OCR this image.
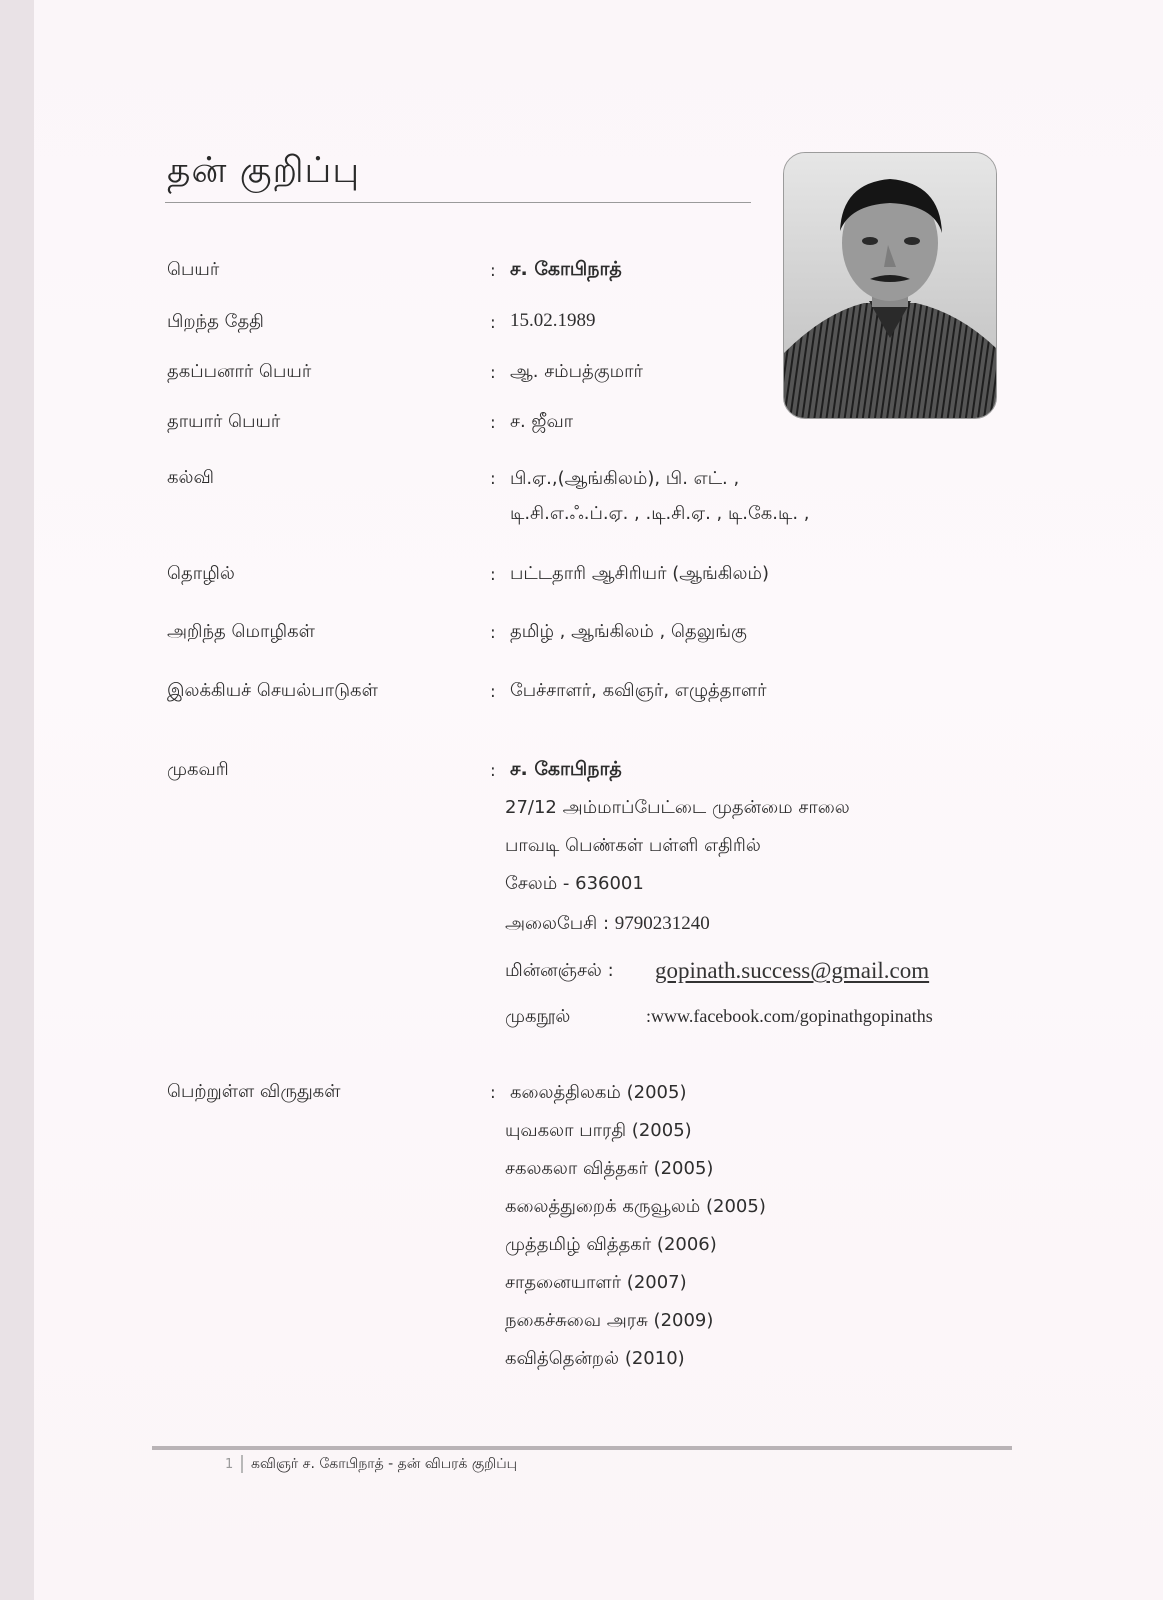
தன் குறிப்பு
பெயர்	: ச. கோபிநாத்
பிறந்த தேதி	: 15.02.1989
தகப்பனார் பெயர்	: ஆ. சம்பத்குமார்
தாயார் பெயர்	: ச. ஜீவா
கல்வி	: பி.ஏ.,(ஆங்கிலம்), பி. எட். ,
டி.சி.எ.ஃ.ப்.ஏ. , .டி.சி.ஏ. , டி.கே.டி. ,
தொழில்	: பட்டதாரி ஆசிரியர் (ஆங்கிலம்)
அறிந்த மொழிகள்	: தமிழ் , ஆங்கிலம் , தெலுங்கு
இலக்கியச் செயல்பாடுகள்	: பேச்சாளர், கவிஞர், எழுத்தாளர்
முகவரி	: ச. கோபிநாத்
27/12 அம்மாப்பேட்டை முதன்மை சாலை
பாவடி பெண்கள் பள்ளி எதிரில்
சேலம் - 636001
அலைபேசி : 9790231240
மின்னஞ்சல் : gopinath.success@gmail.com
முகநூல்	:www.facebook.com/gopinathgopinaths
பெற்றுள்ள விருதுகள்	: கலைத்திலகம் (2005)
யுவகலா பாரதி (2005)
சகலகலா வித்தகர் (2005)
கலைத்துறைக் கருவூலம் (2005)
முத்தமிழ் வித்தகர் (2006)
சாதனையாளர் (2007)
நகைச்சுவை அரசு (2009)
கவித்தென்றல் (2010)
1 கவிஞர் ச. கோபிநாத் - தன் விபரக் குறிப்பு
